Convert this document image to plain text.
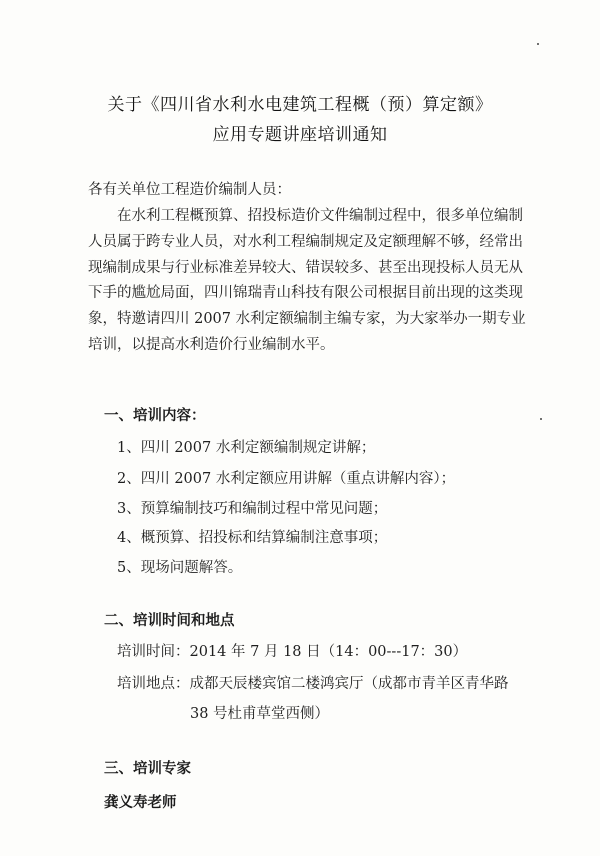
关于《四川省水利水电建筑工程概（预）算定额》
应用专题讲座培训通知
各有关单位工程造价编制人员：
在水利工程概预算、招投标造价文件编制过程中，很多单位编制
人员属于跨专业人员，对水利工程编制规定及定额理解不够，经常出
现编制成果与行业标准差异较大、错误较多、甚至出现投标人员无从
下手的尴尬局面，四川锦瑞青山科技有限公司根据目前出现的这类现
象，特邀请四川 2007 水利定额编制主编专家，为大家举办一期专业
培训，以提高水利造价行业编制水平。
一、培训内容：
1、四川 2007 水利定额编制规定讲解；
2、四川 2007 水利定额应用讲解（重点讲解内容）；
3、预算编制技巧和编制过程中常见问题；
4、概预算、招投标和结算编制注意事项；
5、现场问题解答。
二、培训时间和地点
培训时间：2014 年 7 月 18 日（14：00---17：30）
培训地点：成都天辰楼宾馆二楼鸿宾厅（成都市青羊区青华路
38 号杜甫草堂西侧）
三、培训专家
龚义寿老师
